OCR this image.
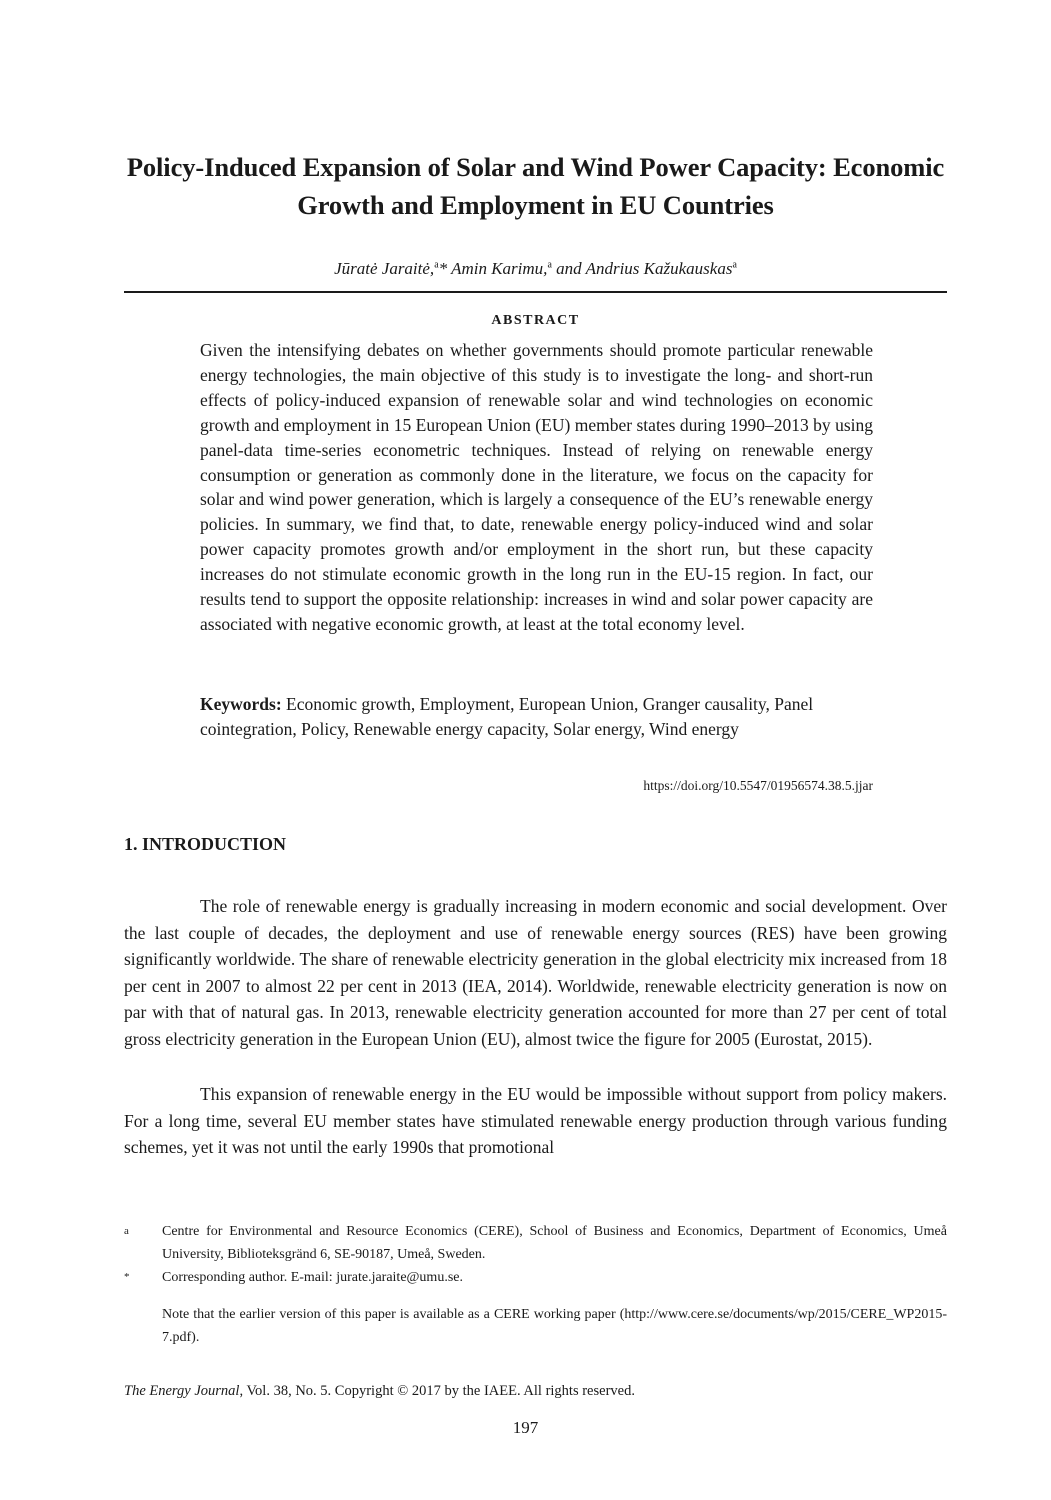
Policy-Induced Expansion of Solar and Wind Power Capacity: Economic Growth and Employment in EU Countries
Jūratė Jaraitė,$^a$* Amin Karimu,$^a$ and Andrius Kažukauskas$^a$
ABSTRACT

Given the intensifying debates on whether governments should promote particular renewable energy technologies, the main objective of this study is to investigate the long- and short-run effects of policy-induced expansion of renewable solar and wind technologies on economic growth and employment in 15 European Union (EU) member states during 1990–2013 by using panel-data time-series econometric techniques. Instead of relying on renewable energy consumption or generation as commonly done in the literature, we focus on the capacity for solar and wind power generation, which is largely a consequence of the EU’s renewable energy policies. In summary, we find that, to date, renewable energy policy-induced wind and solar power capacity promotes growth and/or employment in the short run, but these capacity increases do not stimulate economic growth in the long run in the EU-15 region. In fact, our results tend to support the opposite relationship: increases in wind and solar power capacity are associated with negative economic growth, at least at the total economy level.

Keywords: Economic growth, Employment, European Union, Granger causality, Panel cointegration, Policy, Renewable energy capacity, Solar energy, Wind energy

https://doi.org/10.5547/01956574.38.5.jjar
1. INTRODUCTION

The role of renewable energy is gradually increasing in modern economic and social development. Over the last couple of decades, the deployment and use of renewable energy sources (RES) have been growing significantly worldwide. The share of renewable electricity generation in the global electricity mix increased from 18 per cent in 2007 to almost 22 per cent in 2013 (IEA, 2014). Worldwide, renewable electricity generation is now on par with that of natural gas. In 2013, renewable electricity generation accounted for more than 27 per cent of total gross electricity generation in the European Union (EU), almost twice the figure for 2005 (Eurostat, 2015).

This expansion of renewable energy in the EU would be impossible without support from policy makers. For a long time, several EU member states have stimulated renewable energy production through various funding schemes, yet it was not until the early 1990s that promotional

a Centre for Environmental and Resource Economics (CERE), School of Business and Economics, Department of Economics, Umeå University, Biblioteksgränd 6, SE-90187, Umeå, Sweden.

* Corresponding author. E-mail: jurate.jaraite@umu.se.

Note that the earlier version of this paper is available as a CERE working paper (http://www.cere.se/documents/wp/2015/CERE_WP2015-7.pdf).

The Energy Journal, Vol. 38, No. 5. Copyright © 2017 by the IAEE. All rights reserved.
197
